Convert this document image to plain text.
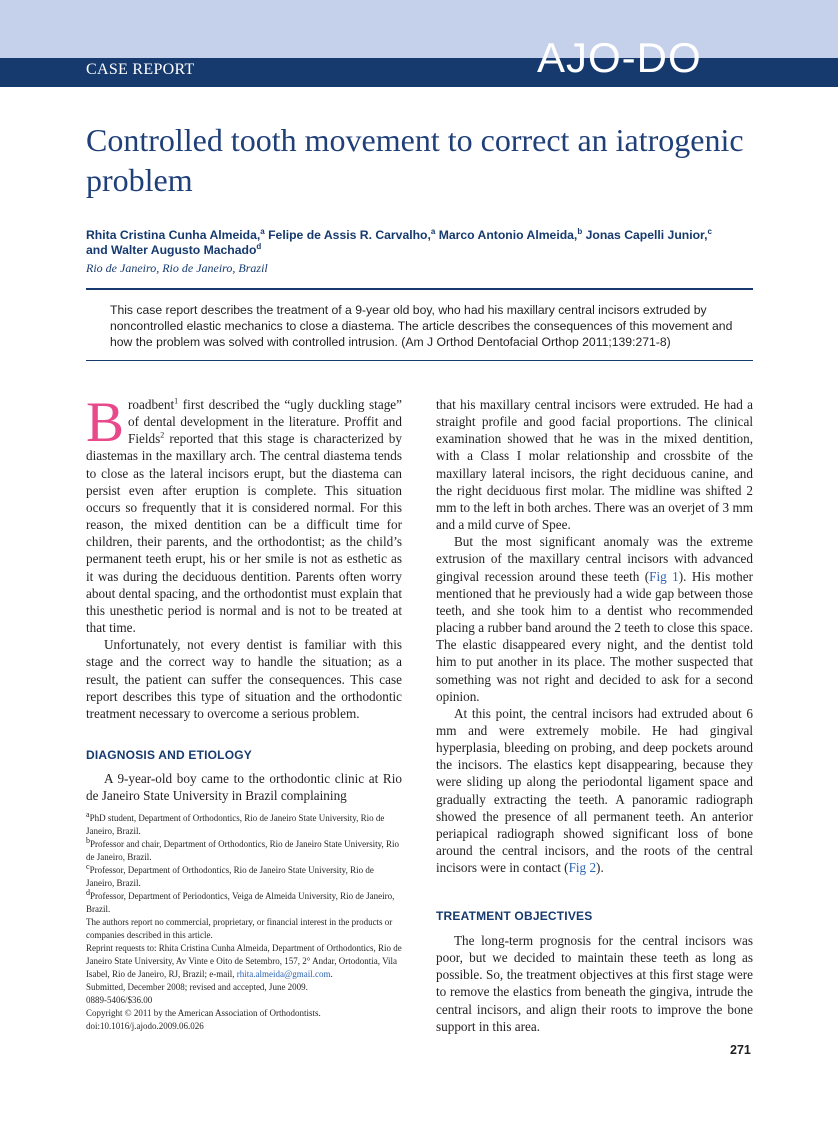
CASE REPORT	AJO-DO
Controlled tooth movement to correct an iatrogenic problem
Rhita Cristina Cunha Almeida,$^a$ Felipe de Assis R. Carvalho,$^a$ Marco Antonio Almeida,$^b$ Jonas Capelli Junior,$^c$
and Walter Augusto Machado$^d$
Rio de Janeiro, Rio de Janeiro, Brazil
This case report describes the treatment of a 9-year old boy, who had his maxillary central incisors extruded by noncontrolled elastic mechanics to close a diastema. The article describes the consequences of this movement and how the problem was solved with controlled intrusion. (Am J Orthod Dentofacial Orthop 2011;139:271-8)

Broadbent$^1$ first described the “ugly duckling stage” of dental development in the literature. Proffit and Fields$^2$ reported that this stage is characterized by diastemas in the maxillary arch. The central diastema tends to close as the lateral incisors erupt, but the diastema can persist even after eruption is complete. This situation occurs so frequently that it is considered normal. For this reason, the mixed dentition can be a difficult time for children, their parents, and the orthodontist; as the child’s permanent teeth erupt, his or her smile is not as esthetic as it was during the deciduous dentition. Parents often worry about dental spacing, and the orthodontist must explain that this unesthetic period is normal and is not to be treated at that time.

Unfortunately, not every dentist is familiar with this stage and the correct way to handle the situation; as a result, the patient can suffer the consequences. This case report describes this type of situation and the orthodontic treatment necessary to overcome a serious problem.

DIAGNOSIS AND ETIOLOGY

A 9-year-old boy came to the orthodontic clinic at Rio de Janeiro State University in Brazil complaining

$^a$PhD student, Department of Orthodontics, Rio de Janeiro State University, Rio de Janeiro, Brazil.
$^b$Professor and chair, Department of Orthodontics, Rio de Janeiro State University, Rio de Janeiro, Brazil.
$^c$Professor, Department of Orthodontics, Rio de Janeiro State University, Rio de Janeiro, Brazil.
$^d$Professor, Department of Periodontics, Veiga de Almeida University, Rio de Janeiro, Brazil.
The authors report no commercial, proprietary, or financial interest in the products or companies described in this article.
Reprint requests to: Rhita Cristina Cunha Almeida, Department of Orthodontics, Rio de Janeiro State University, Av Vinte e Oito de Setembro, 157, 2° Andar, Ortodontia, Vila Isabel, Rio de Janeiro, RJ, Brazil; e-mail, rhita.almeida@gmail.com.
Submitted, December 2008; revised and accepted, June 2009.
0889-5406/$36.00
Copyright © 2011 by the American Association of Orthodontists.
doi:10.1016/j.ajodo.2009.06.026

that his maxillary central incisors were extruded. He had a straight profile and good facial proportions. The clinical examination showed that he was in the mixed dentition, with a Class I molar relationship and crossbite of the maxillary lateral incisors, the right deciduous canine, and the right deciduous first molar. The midline was shifted 2 mm to the left in both arches. There was an overjet of 3 mm and a mild curve of Spee.

But the most significant anomaly was the extreme extrusion of the maxillary central incisors with advanced gingival recession around these teeth (Fig 1). His mother mentioned that he previously had a wide gap between those teeth, and she took him to a dentist who recommended placing a rubber band around the 2 teeth to close this space. The elastic disappeared every night, and the dentist told him to put another in its place. The mother suspected that something was not right and decided to ask for a second opinion.

At this point, the central incisors had extruded about 6 mm and were extremely mobile. He had gingival hyperplasia, bleeding on probing, and deep pockets around the incisors. The elastics kept disappearing, because they were sliding up along the periodontal ligament space and gradually extracting the teeth. A panoramic radiograph showed the presence of all permanent teeth. An anterior periapical radiograph showed significant loss of bone around the central incisors, and the roots of the central incisors were in contact (Fig 2).

TREATMENT OBJECTIVES

The long-term prognosis for the central incisors was poor, but we decided to maintain these teeth as long as possible. So, the treatment objectives at this first stage were to remove the elastics from beneath the gingiva, intrude the central incisors, and align their roots to improve the bone support in this area.

271
